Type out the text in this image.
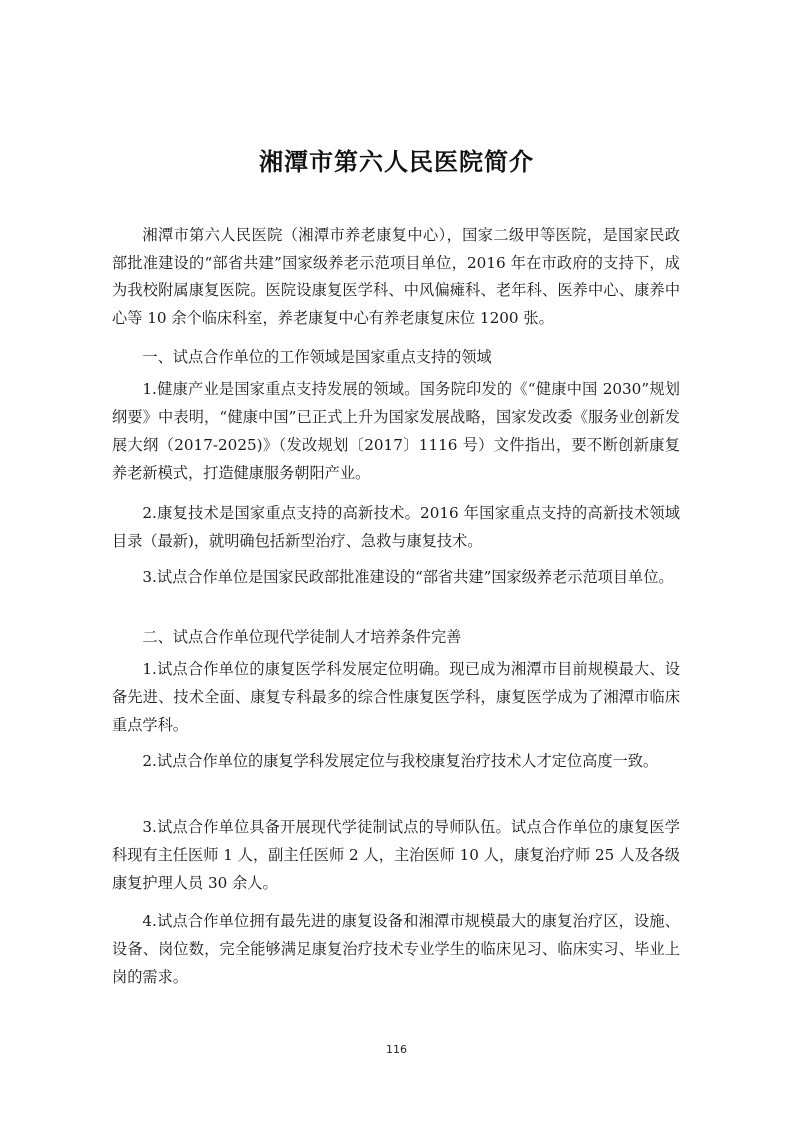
湘潭市第六人民医院简介
湘潭市第六人民医院（湘潭市养老康复中心），国家二级甲等医院，是国家民政部批准建设的“部省共建”国家级养老示范项目单位，2016 年在市政府的支持下，成为我校附属康复医院。医院设康复医学科、中风偏瘫科、老年科、医养中心、康养中心等 10 余个临床科室，养老康复中心有养老康复床位 1200 张。
一、试点合作单位的工作领域是国家重点支持的领域
1.健康产业是国家重点支持发展的领域。国务院印发的《“健康中国 2030”规划纲要》中表明，“健康中国”已正式上升为国家发展战略，国家发改委《服务业创新发展大纲（2017-2025)》（发改规划〔2017〕1116 号）文件指出，要不断创新康复养老新模式，打造健康服务朝阳产业。
2.康复技术是国家重点支持的高新技术。2016 年国家重点支持的高新技术领域目录（最新)，就明确包括新型治疗、急救与康复技术。
3.试点合作单位是国家民政部批准建设的“部省共建”国家级养老示范项目单位。
二、试点合作单位现代学徒制人才培养条件完善
1.试点合作单位的康复医学科发展定位明确。现已成为湘潭市目前规模最大、设备先进、技术全面、康复专科最多的综合性康复医学科，康复医学成为了湘潭市临床重点学科。
2.试点合作单位的康复学科发展定位与我校康复治疗技术人才定位高度一致。
3.试点合作单位具备开展现代学徒制试点的导师队伍。试点合作单位的康复医学科现有主任医师 1 人，副主任医师 2 人，主治医师 10 人，康复治疗师 25 人及各级康复护理人员 30 余人。
4.试点合作单位拥有最先进的康复设备和湘潭市规模最大的康复治疗区，设施、设备、岗位数，完全能够满足康复治疗技术专业学生的临床见习、临床实习、毕业上岗的需求。
116
